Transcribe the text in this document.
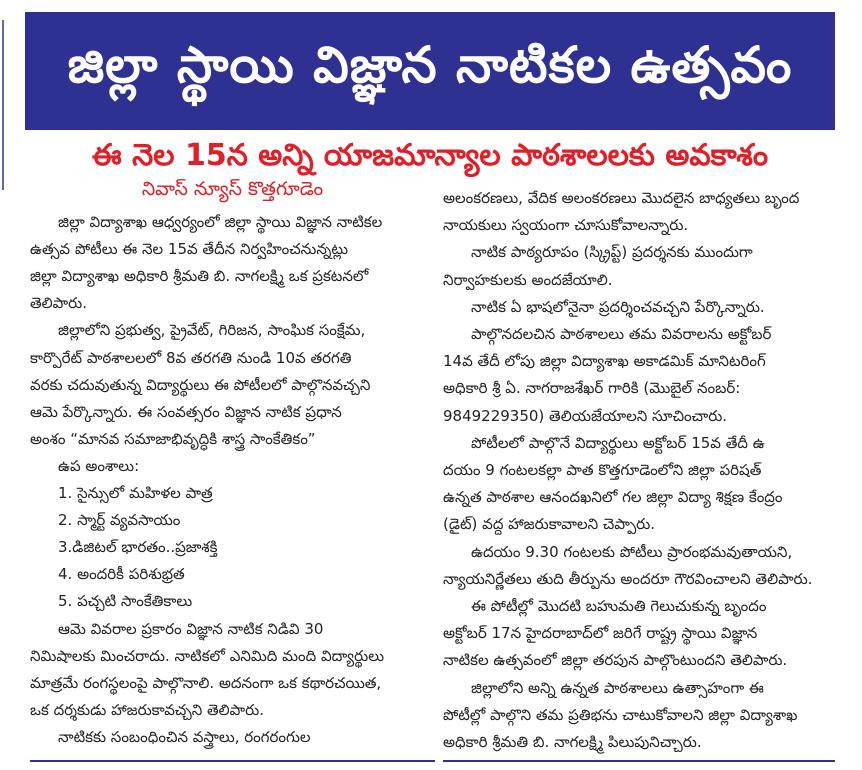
జిల్లా స్థాయి విజ్ఞాన నాటికల ఉత్సవం
ఈ నెల 15న అన్ని యాజమాన్యాల పాఠశాలలకు అవకాశం
నివాస్ న్యూస్ కొత్తగూడెం
జిల్లా విద్యాశాఖ ఆధ్వర్యంలో జిల్లా స్థాయి విజ్ఞాన నాటికల
ఉత్సవ పోటీలు ఈ నెల 15వ తేదీన నిర్వహించనున్నట్లు
జిల్లా విద్యాశాఖ అధికారి శ్రీమతి బి. నాగలక్ష్మి ఒక ప్రకటనలో
తెలిపారు.
జిల్లాలోని ప్రభుత్వ, ప్రైవేట్, గిరిజన, సాంఘిక సంక్షేమ,
కార్పొరేట్ పాఠశాలలలో 8వ తరగతి నుండి 10వ తరగతి
వరకు చదువుతున్న విద్యార్థులు ఈ పోటీలలో పాల్గొనవచ్చని
ఆమె పేర్కొన్నారు. ఈ సంవత్సరం విజ్ఞాన నాటిక ప్రధాన
అంశం “మానవ సమాజాభివృద్ధికి శాస్త్ర సాంకేతికం”
ఉప అంశాలు:
1. సైన్సులో మహిళల పాత్ర
2. స్మార్ట్ వ్యవసాయం
3.డిజిటల్ భారతం..ప్రజాశక్తి
4. అందరికీ పరిశుభ్రత
5. పచ్చటి సాంకేతికాలు
ఆమె వివరాల ప్రకారం విజ్ఞాన నాటిక నిడివి 30
నిమిషాలకు మించరాదు. నాటికలో ఎనిమిది మంది విద్యార్థులు
మాత్రమే రంగస్థలంపై పాల్గొనాలి. అదనంగా ఒక కథారచయిత,
ఒక దర్శకుడు హాజరుకావచ్చని తెలిపారు.
నాటికకు సంబంధించిన వస్త్రాలు, రంగరంగుల
అలంకరణలు, వేదిక అలంకరణలు మొదలైన బాధ్యతలు బృంద
నాయకులు స్వయంగా చూసుకోవాలన్నారు.
నాటిక పాఠ్యరూపం (స్క్రిప్ట్) ప్రదర్శనకు ముందుగా
నిర్వాహకులకు అందజేయాలి.
నాటిక ఏ భాషలోనైనా ప్రదర్శించవచ్చని పేర్కొన్నారు.
పాల్గొనదలచిన పాఠశాలలు తమ వివరాలను అక్టోబర్
14వ తేదీ లోపు జిల్లా విద్యాశాఖ అకాడమిక్ మానిటరింగ్
అధికారి శ్రీ ఏ. నాగరాజశేఖర్ గారికి (మొబైల్ నంబర్:
9849229350) తెలియజేయాలని సూచించారు.
పోటీలలో పాల్గొనే విద్యార్థులు అక్టోబర్ 15వ తేదీ ఉ
దయం 9 గంటలకల్లా పాత కొత్తగూడెంలోని జిల్లా పరిషత్
ఉన్నత పాఠశాల ఆనందఖనిలో గల జిల్లా విద్యా శిక్షణ కేంద్రం
(డైట్) వద్ద హాజరుకావాలని చెప్పారు.
ఉదయం 9.30 గంటలకు పోటీలు ప్రారంభమవుతాయని,
న్యాయనిర్ణేతలు తుది తీర్పును అందరూ గౌరవించాలని తెలిపారు.
ఈ పోటీల్లో మొదటి బహుమతి గెలుచుకున్న బృందం
అక్టోబర్ 17న హైదరాబాద్‌లో జరిగే రాష్ట్ర స్థాయి విజ్ఞాన
నాటికల ఉత్సవంలో జిల్లా తరపున పాల్గొంటుందని తెలిపారు.
జిల్లాలోని అన్ని ఉన్నత పాఠశాలలు ఉత్సాహంగా ఈ
పోటీల్లో పాల్గొని తమ ప్రతిభను చాటుకోవాలని జిల్లా విద్యాశాఖ
అధికారి శ్రీమతి బి. నాగలక్ష్మి పిలుపునిచ్చారు.
